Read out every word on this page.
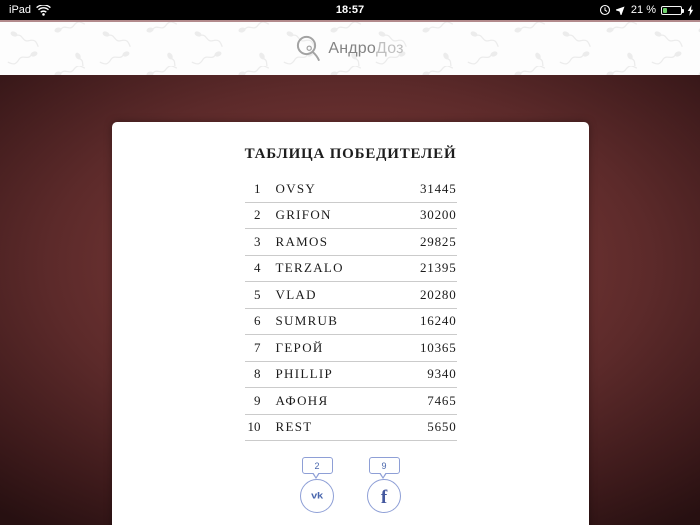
iPad	18:57	21 %
АндроДоз
ТАБЛИЦА ПОБЕДИТЕЛЕЙ
1 OVSY	31445
2 GRIFON	30200
3 RAMOS	29825
4 TERZALO	21395
5 VLAD	20280
6 SUMRUB	16240
7 ГЕРОЙ	10365
8 PHILLIP	9340
9 АФОНЯ	7465
10 REST	5650
2
vk
9
f
